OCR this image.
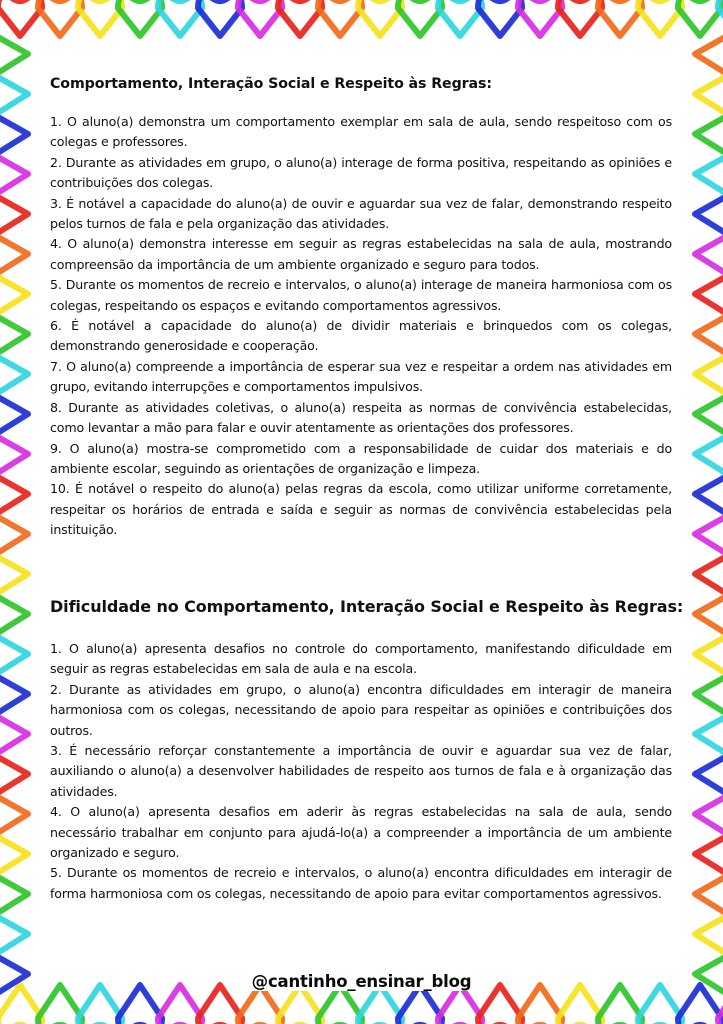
Comportamento, Interação Social e Respeito às Regras:

1. O aluno(a) demonstra um comportamento exemplar em sala de aula, sendo respeitoso com os colegas e professores.

2. Durante as atividades em grupo, o aluno(a) interage de forma positiva, respeitando as opiniões e contribuições dos colegas.

3. É notável a capacidade do aluno(a) de ouvir e aguardar sua vez de falar, demonstrando respeito pelos turnos de fala e pela organização das atividades.

4. O aluno(a) demonstra interesse em seguir as regras estabelecidas na sala de aula, mostrando compreensão da importância de um ambiente organizado e seguro para todos.

5. Durante os momentos de recreio e intervalos, o aluno(a) interage de maneira harmoniosa com os colegas, respeitando os espaços e evitando comportamentos agressivos.

6. É notável a capacidade do aluno(a) de dividir materiais e brinquedos com os colegas, demonstrando generosidade e cooperação.

7. O aluno(a) compreende a importância de esperar sua vez e respeitar a ordem nas atividades em grupo, evitando interrupções e comportamentos impulsivos.

8. Durante as atividades coletivas, o aluno(a) respeita as normas de convivência estabelecidas, como levantar a mão para falar e ouvir atentamente as orientações dos professores.

9. O aluno(a) mostra-se comprometido com a responsabilidade de cuidar dos materiais e do ambiente escolar, seguindo as orientações de organização e limpeza.

10. É notável o respeito do aluno(a) pelas regras da escola, como utilizar uniforme corretamente, respeitar os horários de entrada e saída e seguir as normas de convivência estabelecidas pela instituição.

Dificuldade no Comportamento, Interação Social e Respeito às Regras:

1. O aluno(a) apresenta desafios no controle do comportamento, manifestando dificuldade em seguir as regras estabelecidas em sala de aula e na escola.

2. Durante as atividades em grupo, o aluno(a) encontra dificuldades em interagir de maneira harmoniosa com os colegas, necessitando de apoio para respeitar as opiniões e contribuições dos outros.

3. É necessário reforçar constantemente a importância de ouvir e aguardar sua vez de falar, auxiliando o aluno(a) a desenvolver habilidades de respeito aos turnos de fala e à organização das atividades.

4. O aluno(a) apresenta desafios em aderir às regras estabelecidas na sala de aula, sendo necessário trabalhar em conjunto para ajudá-lo(a) a compreender a importância de um ambiente organizado e seguro.

5. Durante os momentos de recreio e intervalos, o aluno(a) encontra dificuldades em interagir de forma harmoniosa com os colegas, necessitando de apoio para evitar comportamentos agressivos.

@cantinho_ensinar_blog
